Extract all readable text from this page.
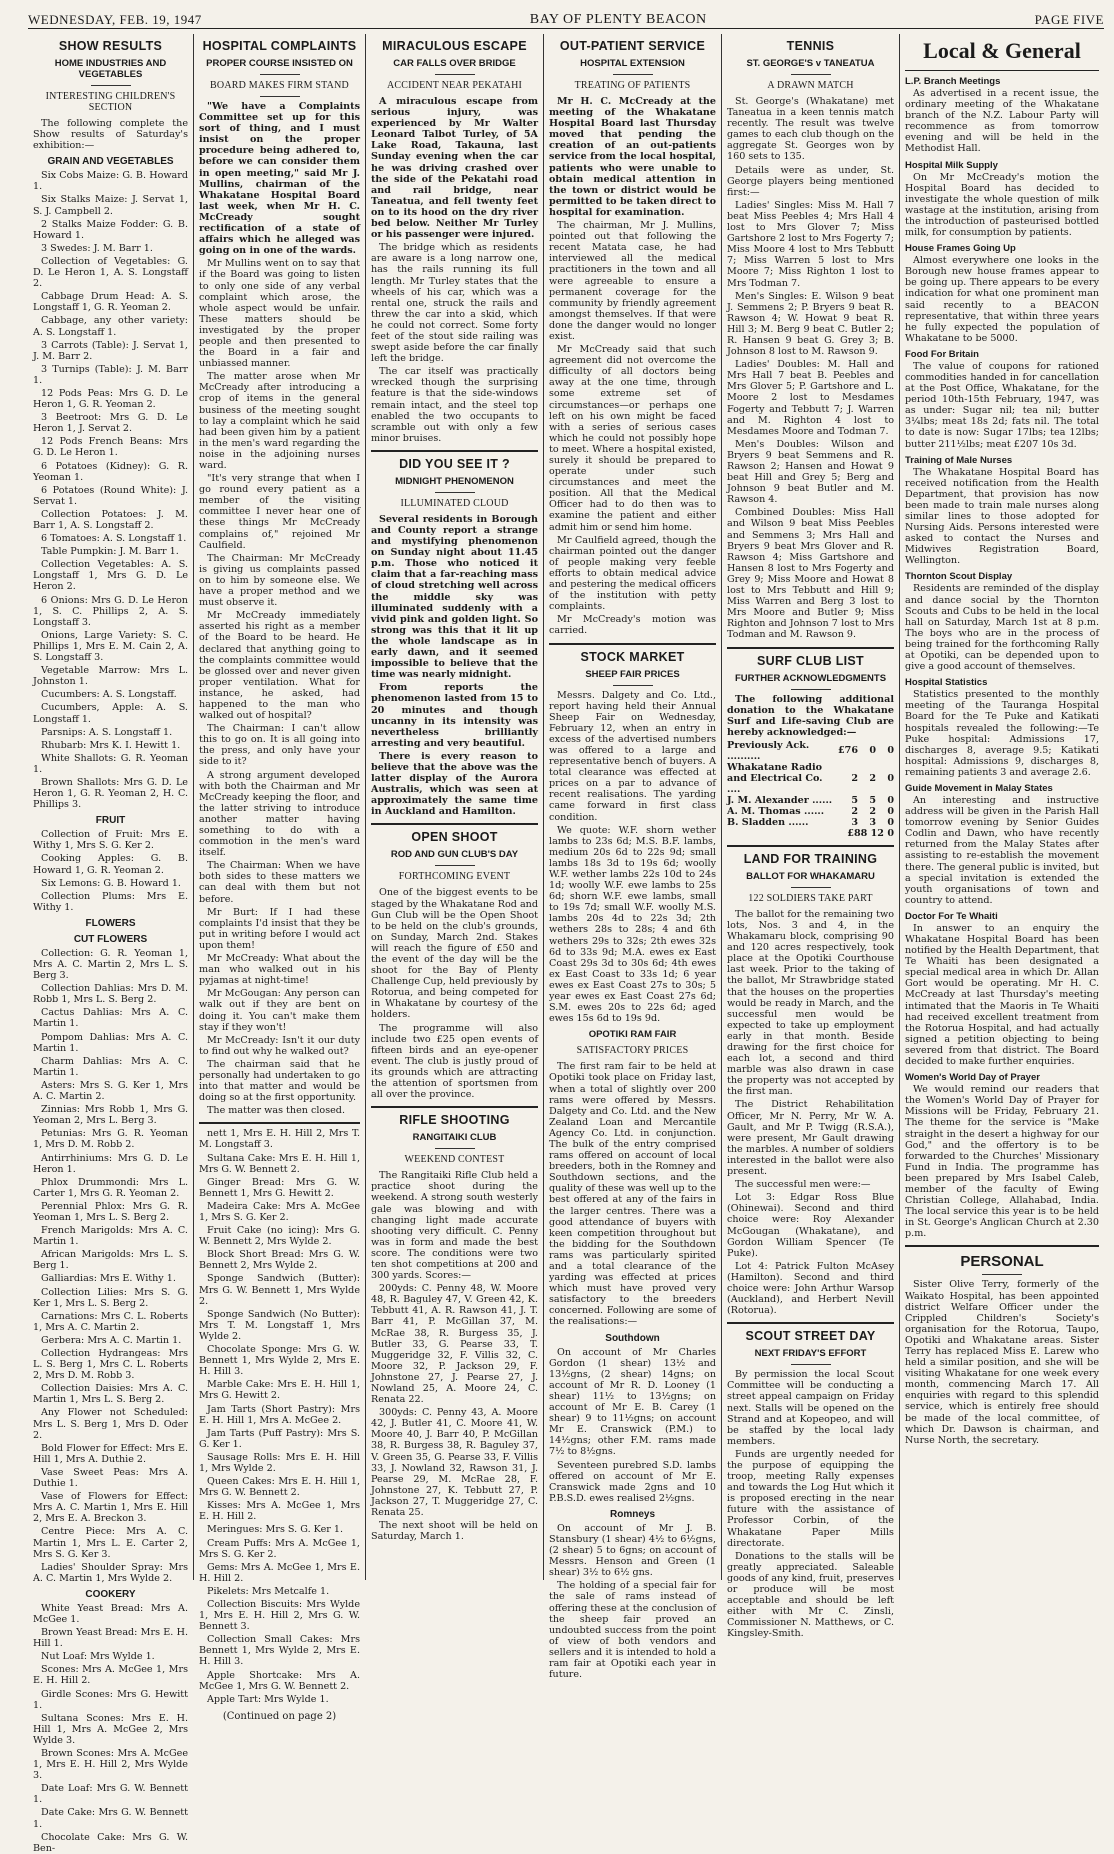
WEDNESDAY, FEB. 19, 1947	BAY OF PLENTY BEACON	PAGE FIVE
SHOW RESULTS
HOME INDUSTRIES AND VEGETABLES
INTERESTING CHILDREN'S SECTION

The following complete the Show results of Saturday's exhibition:—

GRAIN AND VEGETABLES

Six Cobs Maize: G. B. Howard 1.

Six Stalks Maize: J. Servat 1, S. J. Campbell 2.

2 Stalks Maize Fodder: G. B. Howard 1.

3 Swedes: J. M. Barr 1.

Collection of Vegetables: G. D. Le Heron 1, A. S. Longstaff 2.

Cabbage Drum Head: A. S. Longstaff 1, G. R. Yeoman 2.

Cabbage, any other variety: A. S. Longstaff 1.

3 Carrots (Table): J. Servat 1, J. M. Barr 2.

3 Turnips (Table): J. M. Barr 1.

12 Pods Peas: Mrs G. D. Le Heron 1, G. R. Yeoman 2.

3 Beetroot: Mrs G. D. Le Heron 1, J. Servat 2.

12 Pods French Beans: Mrs G. D. Le Heron 1.

6 Potatoes (Kidney): G. R. Yeoman 1.

6 Potatoes (Round White): J. Servat 1.

Collection Potatoes: J. M. Barr 1, A. S. Longstaff 2.

6 Tomatoes: A. S. Longstaff 1.

Table Pumpkin: J. M. Barr 1.

Collection Vegetables: A. S. Longstaff 1, Mrs G. D. Le Heron 2.

6 Onions: Mrs G. D. Le Heron 1, S. C. Phillips 2, A. S. Longstaff 3.

Onions, Large Variety: S. C. Phillips 1, Mrs E. M. Cain 2, A. S. Longstaff 3.

Vegetable Marrow: Mrs L. Johnston 1.

Cucumbers: A. S. Longstaff.

Cucumbers, Apple: A. S. Longstaff 1.

Parsnips: A. S. Longstaff 1.

Rhubarb: Mrs K. I. Hewitt 1.

White Shallots: G. R. Yeoman 1.

Brown Shallots: Mrs G. D. Le Heron 1, G. R. Yeoman 2, H. C. Phillips 3.

FRUIT

Collection of Fruit: Mrs E. Withy 1, Mrs S. G. Ker 2.

Cooking Apples: G. B. Howard 1, G. R. Yeoman 2.

Six Lemons: G. B. Howard 1.

Collection Plums: Mrs E. Withy 1.

FLOWERS
CUT FLOWERS

Collection: G. R. Yeoman 1, Mrs A. C. Martin 2, Mrs L. S. Berg 3.

Collection Dahlias: Mrs D. M. Robb 1, Mrs L. S. Berg 2.

Cactus Dahlias: Mrs A. C. Martin 1.

Pompom Dahlias: Mrs A. C. Martin 1.

Charm Dahlias: Mrs A. C. Martin 1.

Asters: Mrs S. G. Ker 1, Mrs A. C. Martin 2.

Zinnias: Mrs Robb 1, Mrs G. Yeoman 2, Mrs L. Berg 3.

Petunias: Mrs G. R. Yeoman 1, Mrs D. M. Robb 2.

Antirrhiniums: Mrs G. D. Le Heron 1.

Phlox Drummondi: Mrs L. Carter 1, Mrs G. R. Yeoman 2.

Perennial Phlox: Mrs G. R. Yeoman 1, Mrs L. S. Berg 2.

French Marigolds: Mrs A. C. Martin 1.

African Marigolds: Mrs L. S. Berg 1.

Galliardias: Mrs E. Withy 1.

Collection Lilies: Mrs S. G. Ker 1, Mrs L. S. Berg 2.

Carnations: Mrs C. L. Roberts 1, Mrs A. C. Martin 2.

Gerbera: Mrs A. C. Martin 1.

Collection Hydrangeas: Mrs L. S. Berg 1, Mrs C. L. Roberts 2, Mrs D. M. Robb 3.

Collection Daisies: Mrs A. C. Martin 1, Mrs L. S. Berg 2.

Any Flower not Scheduled: Mrs L. S. Berg 1, Mrs D. Oder 2.

Bold Flower for Effect: Mrs E. Hill 1, Mrs A. Duthie 2.

Vase Sweet Peas: Mrs A. Duthie 1.

Vase of Flowers for Effect: Mrs A. C. Martin 1, Mrs E. Hill 2, Mrs E. A. Breckon 3.

Centre Piece: Mrs A. C. Martin 1, Mrs L. E. Carter 2, Mrs S. G. Ker 3.

Ladies' Shoulder Spray: Mrs A. C. Martin 1, Mrs Wylde 2.

COOKERY

White Yeast Bread: Mrs A. McGee 1.

Brown Yeast Bread: Mrs E. H. Hill 1.

Nut Loaf: Mrs Wylde 1.

Scones: Mrs A. McGee 1, Mrs E. H. Hill 2.

Girdle Scones: Mrs G. Hewitt 1.

Sultana Scones: Mrs E. H. Hill 1, Mrs A. McGee 2, Mrs Wylde 3.

Brown Scones: Mrs A. McGee 1, Mrs E. H. Hill 2, Mrs Wylde 3.

Date Loaf: Mrs G. W. Bennett 1.

Date Cake: Mrs G. W. Bennett 1.

Chocolate Cake: Mrs G. W. Ben-

HOSPITAL COMPLAINTS
PROPER COURSE INSISTED ON
BOARD MAKES FIRM STAND

"We have a Complaints Committee set up for this sort of thing, and I must insist on the proper procedure being adhered to, before we can consider them in open meeting," said Mr J. Mullins, chairman of the Whakatane Hospital Board last week, when Mr H. C. McCready sought rectification of a state of affairs which he alleged was going on in one of the wards.

Mr Mullins went on to say that if the Board was going to listen to only one side of any verbal complaint which arose, the whole aspect would be unfair. These matters should be investigated by the proper people and then presented to the Board in a fair and unbiassed manner.

The matter arose when Mr McCready after introducing a crop of items in the general business of the meeting sought to lay a complaint which he said had been given him by a patient in the men's ward regarding the noise in the adjoining nurses ward.

"It's very strange that when I go round every patient as a member of the visiting committee I never hear one of these things Mr McCready complains of," rejoined Mr Caulfield.

The Chairman: Mr McCready is giving us complaints passed on to him by someone else. We have a proper method and we must observe it.

Mr McCready immediately asserted his right as a member of the Board to be heard. He declared that anything going to the complaints committee would be glossed over and never given proper ventilation. What for instance, he asked, had happened to the man who walked out of hospital?

The Chairman: I can't allow this to go on. It is all going into the press, and only have your side to it?

A strong argument developed with both the Chairman and Mr McCready keeping the floor, and the latter striving to introduce another matter having something to do with a commotion in the men's ward itself.

The Chairman: When we have both sides to these matters we can deal with them but not before.

Mr Burt: If I had these complaints I'd insist that they be put in writing before I would act upon them!

Mr McCready: What about the man who walked out in his pyjamas at night-time!

Mr McGougan: Any person can walk out if they are bent on doing it. You can't make them stay if they won't!

Mr McCready: Isn't it our duty to find out why he walked out?

The chairman said that he personally had undertaken to go into that matter and would be doing so at the first opportunity.

The matter was then closed.

nett 1, Mrs E. H. Hill 2, Mrs T. M. Longstaff 3.

Sultana Cake: Mrs E. H. Hill 1, Mrs G. W. Bennett 2.

Ginger Bread: Mrs G. W. Bennett 1, Mrs G. Hewitt 2.

Madeira Cake: Mrs A. McGee 1, Mrs S. G. Ker 2.

Fruit Cake (no icing): Mrs G. W. Bennett 2, Mrs Wylde 2.

Block Short Bread: Mrs G. W. Bennett 2, Mrs Wylde 2.

Sponge Sandwich (Butter): Mrs G. W. Bennett 1, Mrs Wylde 2.

Sponge Sandwich (No Butter): Mrs T. M. Longstaff 1, Mrs Wylde 2.

Chocolate Sponge: Mrs G. W. Bennett 1, Mrs Wylde 2, Mrs E. H. Hill 3.

Marble Cake: Mrs E. H. Hill 1, Mrs G. Hewitt 2.

Jam Tarts (Short Pastry): Mrs E. H. Hill 1, Mrs A. McGee 2.

Jam Tarts (Puff Pastry): Mrs S. G. Ker 1.

Sausage Rolls: Mrs E. H. Hill 1, Mrs Wylde 2.

Queen Cakes: Mrs E. H. Hill 1, Mrs G. W. Bennett 2.

Kisses: Mrs A. McGee 1, Mrs E. H. Hill 2.

Meringues: Mrs S. G. Ker 1.

Cream Puffs: Mrs A. McGee 1, Mrs S. G. Ker 2.

Gems: Mrs A. McGee 1, Mrs E. H. Hill 2.

Pikelets: Mrs Metcalfe 1.

Collection Biscuits: Mrs Wylde 1, Mrs E. H. Hill 2, Mrs G. W. Bennett 3.

Collection Small Cakes: Mrs Bennett 1, Mrs Wylde 2, Mrs E. H. Hill 3.

Apple Shortcake: Mrs A. McGee 1, Mrs G. W. Bennett 2.

Apple Tart: Mrs Wylde 1.

(Continued on page 2)
MIRACULOUS ESCAPE
CAR FALLS OVER BRIDGE
ACCIDENT NEAR PEKATAHI

A miraculous escape from serious injury, was experienced by Mr Walter Leonard Talbot Turley, of 5A Lake Road, Takauna, last Sunday evening when the car he was driving crashed over the side of the Pekatahi road and rail bridge, near Taneatua, and fell twenty feet on to its hood on the dry river bed below. Neither Mr Turley or his passenger were injured.

The bridge which as residents are aware is a long narrow one, has the rails running its full length. Mr Turley states that the wheels of his car, which was a rental one, struck the rails and threw the car into a skid, which he could not correct. Some forty feet of the stout side railing was swept aside before the car finally left the bridge.

The car itself was practically wrecked though the surprising feature is that the side-windows remain intact, and the steel top enabled the two occupants to scramble out with only a few minor bruises.

DID YOU SEE IT ?
MIDNIGHT PHENOMENON
ILLUMINATED CLOUD

Several residents in Borough and County report a strange and mystifying phenomenon on Sunday night about 11.45 p.m. Those who noticed it claim that a far-reaching mass of cloud stretching well across the middle sky was illuminated suddenly with a vivid pink and golden light. So strong was this that it lit up the whole landscape as in early dawn, and it seemed impossible to believe that the time was nearly midnight.

From reports the phenomenon lasted from 15 to 20 minutes and though uncanny in its intensity was nevertheless brilliantly arresting and very beautiful.

There is every reason to believe that the above was the latter display of the Aurora Australis, which was seen at approximately the same time in Auckland and Hamilton.

OPEN SHOOT
ROD AND GUN CLUB'S DAY
FORTHCOMING EVENT

One of the biggest events to be staged by the Whakatane Rod and Gun Club will be the Open Shoot to be held on the club's grounds, on Sunday, March 2nd. Stakes will reach the figure of £50 and the event of the day will be the shoot for the Bay of Plenty Challenge Cup, held previously by Rotorua, and being competed for in Whakatane by courtesy of the holders.

The programme will also include two £25 open events of fifteen birds and an eye-opener event. The club is justly proud of its grounds which are attracting the attention of sportsmen from all over the province.

RIFLE SHOOTING
RANGITAIKI CLUB
WEEKEND CONTEST

The Rangitaiki Rifle Club held a practice shoot during the weekend. A strong south westerly gale was blowing and with changing light made accurate shooting very difficult. C. Penny was in form and made the best score. The conditions were two ten shot competitions at 200 and 300 yards. Scores:—

200yds: C. Penny 48, W. Moore 48, R. Baguley 47, V. Green 42, K. Tebbutt 41, A. R. Rawson 41, J. T. Barr 41, P. McGillan 37, M. McRae 38, R. Burgess 35, J. Butler 33, G. Pearse 33, T. Muggeridge 32, F. Villis 32, C. Moore 32, P. Jackson 29, F. Johnstone 27, J. Pearse 27, J. Nowland 25, A. Moore 24, C. Renata 22.

300yds: C. Penny 43, A. Moore 42, J. Butler 41, C. Moore 41, W. Moore 40, J. Barr 40, P. McGillan 38, R. Burgess 38, R. Baguley 37, V. Green 35, G. Pearse 33, F. Villis 33, J. Nowland 32, Rawson 31, J. Pearse 29, M. McRae 28, F. Johnstone 27, K. Tebbutt 27, P. Jackson 27, T. Muggeridge 27, C. Renata 25.

The next shoot will be held on Saturday, March 1.

OUT-PATIENT SERVICE
HOSPITAL EXTENSION
TREATING OF PATIENTS

Mr H. C. McCready at the meeting of the Whakatane Hospital Board last Thursday moved that pending the creation of an out-patients service from the local hospital, patients who were unable to obtain medical attention in the town or district would be permitted to be taken direct to hospital for examination.

The chairman, Mr J. Mullins, pointed out that following the recent Matata case, he had interviewed all the medical practitioners in the town and all were agreeable to ensure a permanent coverage for the community by friendly agreement amongst themselves. If that were done the danger would no longer exist.

Mr McCready said that such agreement did not overcome the difficulty of all doctors being away at the one time, through some extreme set of circumstances—or perhaps one left on his own might be faced with a series of serious cases which he could not possibly hope to meet. Where a hospital existed, surely it should be prepared to operate under such circumstances and meet the position. All that the Medical Officer had to do then was to examine the patient and either admit him or send him home.

Mr Caulfield agreed, though the chairman pointed out the danger of people making very feeble efforts to obtain medical advice and pestering the medical officers of the institution with petty complaints.

Mr McCready's motion was carried.

STOCK MARKET
SHEEP FAIR PRICES

Messrs. Dalgety and Co. Ltd., report having held their Annual Sheep Fair on Wednesday, February 12, when an entry in excess of the advertised numbers was offered to a large and representative bench of buyers. A total clearance was effected at prices on a par to advance of recent realisations. The yarding came forward in first class condition.

We quote: W.F. shorn wether lambs to 23s 6d; M.S. B.F. lambs, medium 20s 6d to 22s 9d; small lambs 18s 3d to 19s 6d; woolly W.F. wether lambs 22s 10d to 24s 1d; woolly W.F. ewe lambs to 25s 6d; shorn W.F. ewe lambs, small to 19s 7d; small W.F. woolly M.S. lambs 20s 4d to 22s 3d; 2th wethers 28s to 28s; 4 and 6th wethers 29s to 32s; 2th ewes 32s 6d to 33s 9d; M.A. ewes ex East Coast 29s 3d to 30s 6d; 4th ewes ex East Coast to 33s 1d; 6 year ewes ex East Coast 27s to 30s; 5 year ewes ex East Coast 27s 6d; S.M. ewes 20s to 22s 6d; aged ewes 15s 6d to 19s 9d.

OPOTIKI RAM FAIR
SATISFACTORY PRICES

The first ram fair to be held at Opotiki took place on Friday last, when a total of slightly over 200 rams were offered by Messrs. Dalgety and Co. Ltd. and the New Zealand Loan and Mercantile Agency Co. Ltd. in conjunction. The bulk of the entry comprised rams offered on account of local breeders, both in the Romney and Southdown sections, and the quality of these was well up to the best offered at any of the fairs in the larger centres. There was a good attendance of buyers with keen competition throughout but the bidding for the Southdown rams was particularly spirited and a total clearance of the yarding was effected at prices which must have proved very satisfactory to the breeders concerned. Following are some of the realisations:—

Southdown

On account of Mr Charles Gordon (1 shear) 13½ and 13½gns, (2 shear) 14gns; on account of Mr R. D. Looney (1 shear) 11½ to 13½gns; on account of Mr E. B. Carey (1 shear) 9 to 11½gns; on account Mr E. Cranswick (P.M.) to 14½gns; other F.M. rams made 7½ to 8½gns.

Seventeen purebred S.D. lambs offered on account of Mr E. Cranswick made 2gns and 10 P.B.S.D. ewes realised 2½gns.

Romneys

On account of Mr J. B. Stansbury (1 shear) 4½ to 6½gns, (2 shear) 5 to 6gns; on account of Messrs. Henson and Green (1 shear) 3½ to 6½ gns.

The holding of a special fair for the sale of rams instead of offering these at the conclusion of the sheep fair proved an undoubted success from the point of view of both vendors and sellers and it is intended to hold a ram fair at Opotiki each year in future.

TENNIS
ST. GEORGE'S v TANEATUA
A DRAWN MATCH

St. George's (Whakatane) met Taneatua in a keen tennis match recently. The result was twelve games to each club though on the aggregate St. Georges won by 160 sets to 135.

Details were as under, St. George players being mentioned first:—

Ladies' Singles: Miss M. Hall 7 beat Miss Peebles 4; Mrs Hall 4 lost to Mrs Glover 7; Miss Gartshore 2 lost to Mrs Fogerty 7; Miss Moore 4 lost to Mrs Tebbutt 7; Miss Warren 5 lost to Mrs Moore 7; Miss Righton 1 lost to Mrs Todman 7.

Men's Singles: E. Wilson 9 beat J. Semmens 2; P. Bryers 9 beat R. Rawson 4; W. Howat 9 beat R. Hill 3; M. Berg 9 beat C. Butler 2; R. Hansen 9 beat G. Grey 3; B. Johnson 8 lost to M. Rawson 9.

Ladies' Doubles: M. Hall and Mrs Hall 7 beat B. Peebles and Mrs Glover 5; P. Gartshore and L. Moore 2 lost to Mesdames Fogerty and Tebbutt 7; J. Warren and M. Righton 4 lost to Mesdames Moore and Todman 7.

Men's Doubles: Wilson and Bryers 9 beat Semmens and R. Rawson 2; Hansen and Howat 9 beat Hill and Grey 5; Berg and Johnson 9 beat Butler and M. Rawson 4.

Combined Doubles: Miss Hall and Wilson 9 beat Miss Peebles and Semmens 3; Mrs Hall and Bryers 9 beat Mrs Glover and R. Rawson 4; Miss Gartshore and Hansen 8 lost to Mrs Fogerty and Grey 9; Miss Moore and Howat 8 lost to Mrs Tebbutt and Hill 9; Miss Warren and Berg 3 lost to Mrs Moore and Butler 9; Miss Righton and Johnson 7 lost to Mrs Todman and M. Rawson 9.

SURF CLUB LIST
FURTHER ACKNOWLEDGMENTS

The following additional donation to the Whakatane Surf and Life-saving Club are hereby acknowledged:—

Previously Ack. ..........	£76	0	0
Whakatane Radio and Electrical Co. ....	2	2	0
J. M. Alexander ......	5	5	0
A. M. Thomas ......	2	2	0
B. Sladden ......	3	3	0
£88 12 0
LAND FOR TRAINING
BALLOT FOR WHAKAMARU
122 SOLDIERS TAKE PART

The ballot for the remaining two lots, Nos. 3 and 4, in the Whakamaru block, comprising 90 and 120 acres respectively, took place at the Opotiki Courthouse last week. Prior to the taking of the ballot, Mr Strawbridge stated that the houses on the properties would be ready in March, and the successful men would be expected to take up employment early in that month. Beside drawing for the first choice for each lot, a second and third marble was also drawn in case the property was not accepted by the first man.

The District Rehabilitation Officer, Mr N. Perry, Mr W. A. Gault, and Mr P. Twigg (R.S.A.), were present, Mr Gault drawing the marbles. A number of soldiers interested in the ballot were also present.

The successful men were:—

Lot 3: Edgar Ross Blue (Ohinewai). Second and third choice were: Roy Alexander McGougan (Whakatane), and Gordon William Spencer (Te Puke).

Lot 4: Patrick Fulton McAsey (Hamilton). Second and third choice were: John Arthur Warsop (Auckland), and Herbert Nevill (Rotorua).

SCOUT STREET DAY
NEXT FRIDAY'S EFFORT

By permission the local Scout Committee will be conducting a street appeal campaign on Friday next. Stalls will be opened on the Strand and at Kopeopeo, and will be staffed by the local lady members.

Funds are urgently needed for the purpose of equipping the troop, meeting Rally expenses and towards the Log Hut which it is proposed erecting in the near future with the assistance of Professor Corbin, of the Whakatane Paper Mills directorate.

Donations to the stalls will be greatly appreciated. Saleable goods of any kind, fruit, preserves or produce will be most acceptable and should be left either with Mr C. Zinsli, Commissioner N. Matthews, or C. Kingsley-Smith.

Local & General
L.P. Branch Meetings

As advertised in a recent issue, the ordinary meeting of the Whakatane branch of the N.Z. Labour Party will recommence as from tomorrow evening and will be held in the Methodist Hall.

Hospital Milk Supply

On Mr McCready's motion the Hospital Board has decided to investigate the whole question of milk wastage at the institution, arising from the introduction of pasteurised bottled milk, for consumption by patients.

House Frames Going Up

Almost everywhere one looks in the Borough new house frames appear to be going up. There appears to be every indication for what one prominent man said recently to a BEACON representative, that within three years he fully expected the population of Whakatane to be 5000.

Food For Britain

The value of coupons for rationed commodities handed in for cancellation at the Post Office, Whakatane, for the period 10th-15th February, 1947, was as under: Sugar nil; tea nil; butter 3¼lbs; meat 18s 2d; fats nil. The total to date is now: Sugar 17lbs; tea 12lbs; butter 211½lbs; meat £207 10s 3d.

Training of Male Nurses

The Whakatane Hospital Board has received notification from the Health Department, that provision has now been made to train male nurses along similar lines to those adopted for Nursing Aids. Persons interested were asked to contact the Nurses and Midwives Registration Board, Wellington.

Thornton Scout Display

Residents are reminded of the display and dance social by the Thornton Scouts and Cubs to be held in the local hall on Saturday, March 1st at 8 p.m. The boys who are in the process of being trained for the forthcoming Rally at Opotiki, can be depended upon to give a good account of themselves.

Hospital Statistics

Statistics presented to the monthly meeting of the Tauranga Hospital Board for the Te Puke and Katikati hospitals revealed the following:—Te Puke hospital: Admissions 17, discharges 8, average 9.5; Katikati hospital: Admissions 9, discharges 8, remaining patients 3 and average 2.6.

Guide Movement in Malay States

An interesting and instructive address will be given in the Parish Hall tomorrow evening by Senior Guides Codlin and Dawn, who have recently returned from the Malay States after assisting to re-establish the movement there. The general public is invited, but a special invitation is extended the youth organisations of town and country to attend.

Doctor For Te Whaiti

In answer to an enquiry the Whakatane Hospital Board has been notified by the Health Department, that Te Whaiti has been designated a special medical area in which Dr. Allan Gort would be operating. Mr H. C. McCready at last Thursday's meeting intimated that the Maoris in Te Whaiti had received excellent treatment from the Rotorua Hospital, and had actually signed a petition objecting to being severed from that district. The Board decided to make further enquiries.

Women's World Day of Prayer

We would remind our readers that the Women's World Day of Prayer for Missions will be Friday, February 21. The theme for the service is "Make straight in the desert a highway for our God," and the offertory is to be forwarded to the Churches' Missionary Fund in India. The programme has been prepared by Mrs Isabel Caleb, member of the faculty of Ewing Christian College, Allahabad, India. The local service this year is to be held in St. George's Anglican Church at 2.30 p.m.

PERSONAL

Sister Olive Terry, formerly of the Waikato Hospital, has been appointed district Welfare Officer under the Crippled Children's Society's organisation for the Rotorua, Taupo, Opotiki and Whakatane areas. Sister Terry has replaced Miss E. Larew who held a similar position, and she will be visiting Whakatane for one week every month, commencing March 17. All enquiries with regard to this splendid service, which is entirely free should be made of the local committee, of which Dr. Dawson is chairman, and Nurse North, the secretary.
